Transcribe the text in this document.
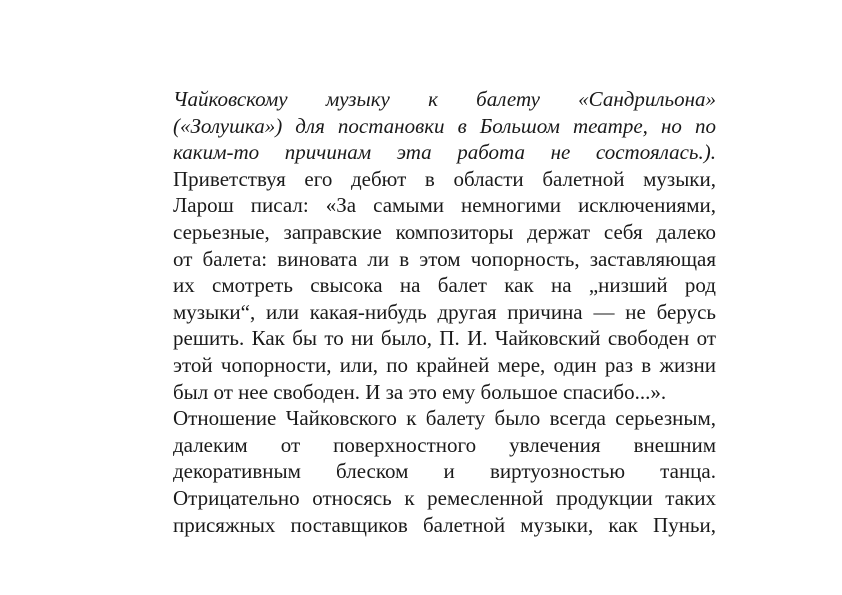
Чайковскому музыку к балету «Сандрильона»
(«Золушка») для постановки в Большом театре, но по
каким-то причинам эта работа не состоялась.).
Приветствуя его дебют в области балетной музыки,
Ларош писал: «За самыми немногими исключениями,
серьезные, заправские композиторы держат себя далеко
от балета: виновата ли в этом чопорность, заставляющая
их смотреть свысока на балет как на „низший род
музыки“, или какая-нибудь другая причина — не берусь
решить. Как бы то ни было, П. И. Чайковский свободен от
этой чопорности, или, по крайней мере, один раз в жизни
был от нее свободен. И за это ему большое спасибо...».
Отношение Чайковского к балету было всегда серьезным,
далеким от поверхностного увлечения внешним
декоративным блеском и виртуозностью танца.
Отрицательно относясь к ремесленной продукции таких
присяжных поставщиков балетной музыки, как Пуньи,
